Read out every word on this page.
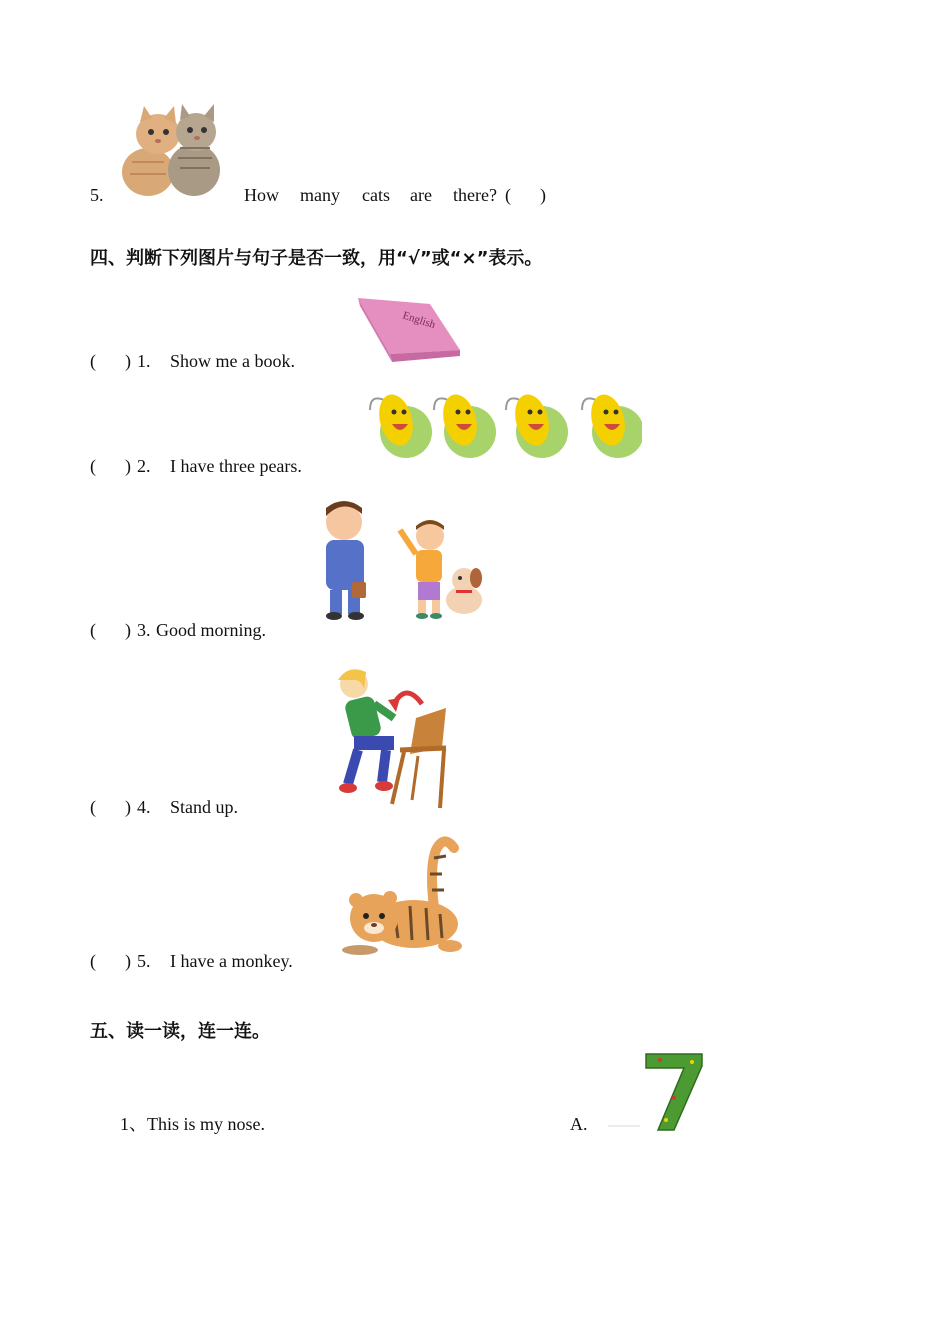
5.	How many cats are there? ( )
四、判断下列图片与句子是否一致，用“√”或“×”表示。
( ) 1. Show me a book.
English
( ) 2. I have three pears.
( ) 3. Good morning.
( ) 4. Stand up.
( ) 5. I have a monkey.
五、读一读，连一连。
1、This is my nose.	A.
